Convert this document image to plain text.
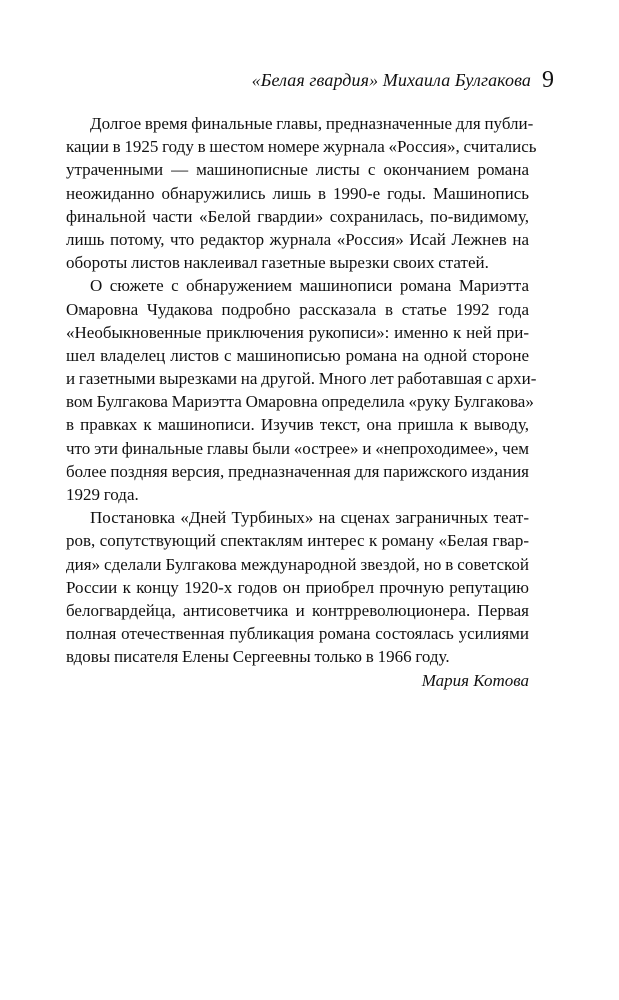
«Белая гвардия» Михаила Булгакова 9
Долгое время финальные главы, предназначенные для публи-
кации в 1925 году в шестом номере журнала «Россия», считались
утраченными — машинописные листы с окончанием романа
неожиданно обнаружились лишь в 1990-е годы. Машинопись
финальной части «Белой гвардии» сохранилась, по-видимому,
лишь потому, что редактор журнала «Россия» Исай Лежнев на
обороты листов наклеивал газетные вырезки своих статей.
О сюжете с обнаружением машинописи романа Мариэтта
Омаровна Чудакова подробно рассказала в статье 1992 года
«Необыкновенные приключения рукописи»: именно к ней при-
шел владелец листов с машинописью романа на одной стороне
и газетными вырезками на другой. Много лет работавшая с архи-
вом Булгакова Мариэтта Омаровна определила «руку Булгакова»
в правках к машинописи. Изучив текст, она пришла к выводу,
что эти финальные главы были «острее» и «непроходимее», чем
более поздняя версия, предназначенная для парижского издания
1929 года.
Постановка «Дней Турбиных» на сценах заграничных теат-
ров, сопутствующий спектаклям интерес к роману «Белая гвар-
дия» сделали Булгакова международной звездой, но в советской
России к концу 1920-х годов он приобрел прочную репутацию
белогвардейца, антисоветчика и контрреволюционера. Первая
полная отечественная публикация романа состоялась усилиями
вдовы писателя Елены Сергеевны только в 1966 году.
Мария Котова
